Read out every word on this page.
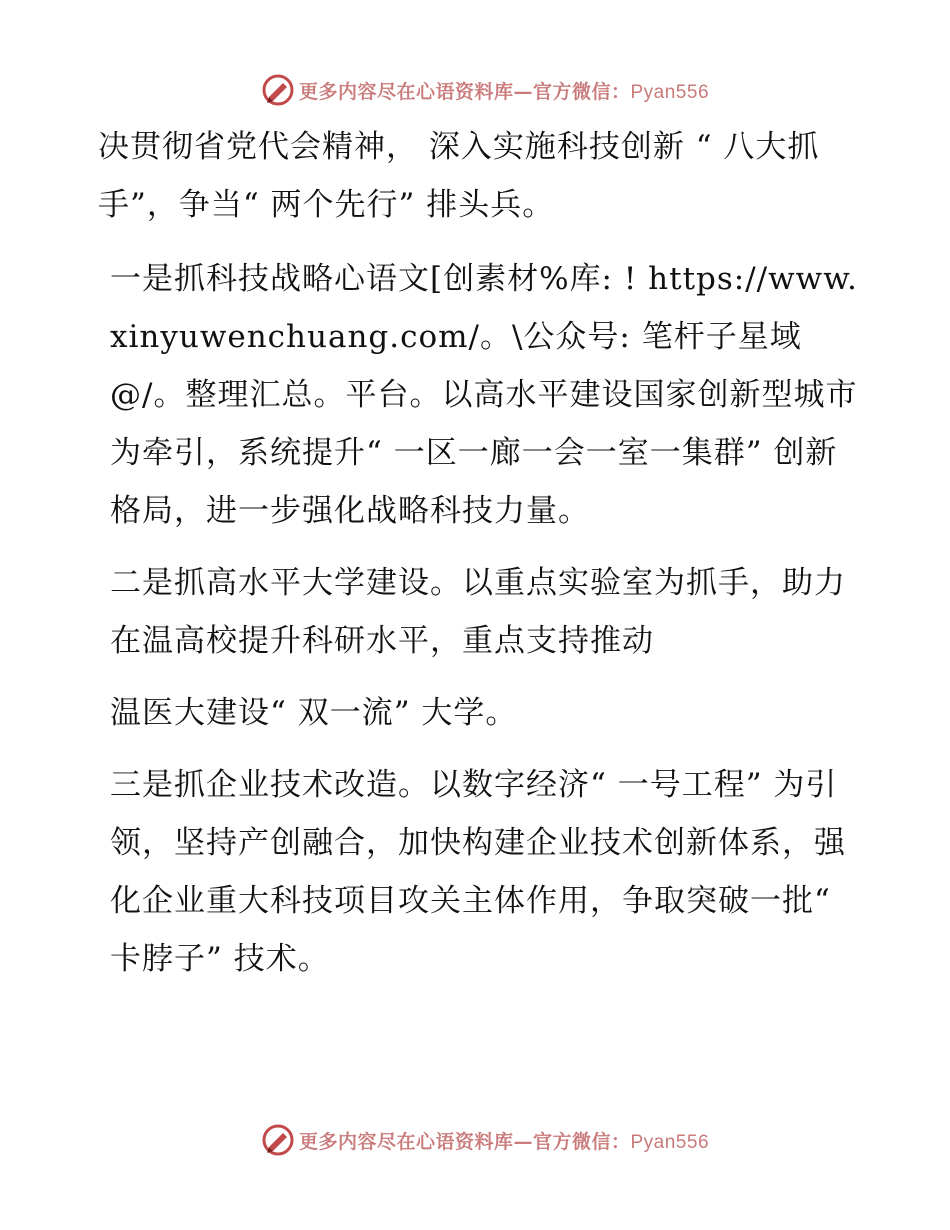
更多内容尽在心语资料库—官方微信：Pyan556

决贯彻省党代会精神， 深入实施科技创新 “ 八大抓手”，争当“ 两个先行” 排头兵。

一是抓科技战略心语文[创素材%库: ! https://www.xinyuwenchuang.com/。\公众号: 笔杆子星域@/。整理汇总。平台。以高水平建设国家创新型城市为牵引，系统提升“ 一区一廊一会一室一集群” 创新格局，进一步强化战略科技力量。

二是抓高水平大学建设。以重点实验室为抓手，助力在温高校提升科研水平，重点支持推动

温医大建设“ 双一流” 大学。

三是抓企业技术改造。以数字经济“ 一号工程” 为引领，坚持产创融合，加快构建企业技术创新体系，强化企业重大科技项目攻关主体作用，争取突破一批“ 卡脖子” 技术。

更多内容尽在心语资料库—官方微信：Pyan556
